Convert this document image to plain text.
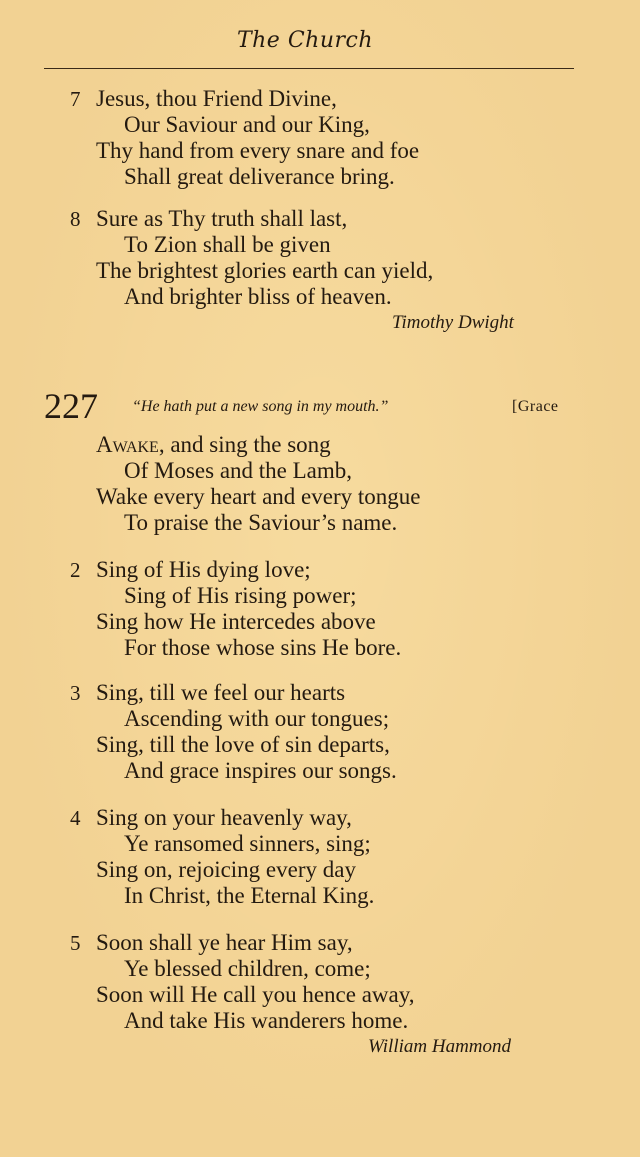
The Church
7 Jesus, thou Friend Divine,
Our Saviour and our King,
Thy hand from every snare and foe
Shall great deliverance bring.
8 Sure as Thy truth shall last,
To Zion shall be given
The brightest glories earth can yield,
And brighter bliss of heaven.
Timothy Dwight
227 “He hath put a new song in my mouth.”	[Grace
Awake, and sing the song
Of Moses and the Lamb,
Wake every heart and every tongue
To praise the Saviour’s name.
2 Sing of His dying love;
Sing of His rising power;
Sing how He intercedes above
For those whose sins He bore.
3 Sing, till we feel our hearts
Ascending with our tongues;
Sing, till the love of sin departs,
And grace inspires our songs.
4 Sing on your heavenly way,
Ye ransomed sinners, sing;
Sing on, rejoicing every day
In Christ, the Eternal King.
5 Soon shall ye hear Him say,
Ye blessed children, come;
Soon will He call you hence away,
And take His wanderers home.
William Hammond
